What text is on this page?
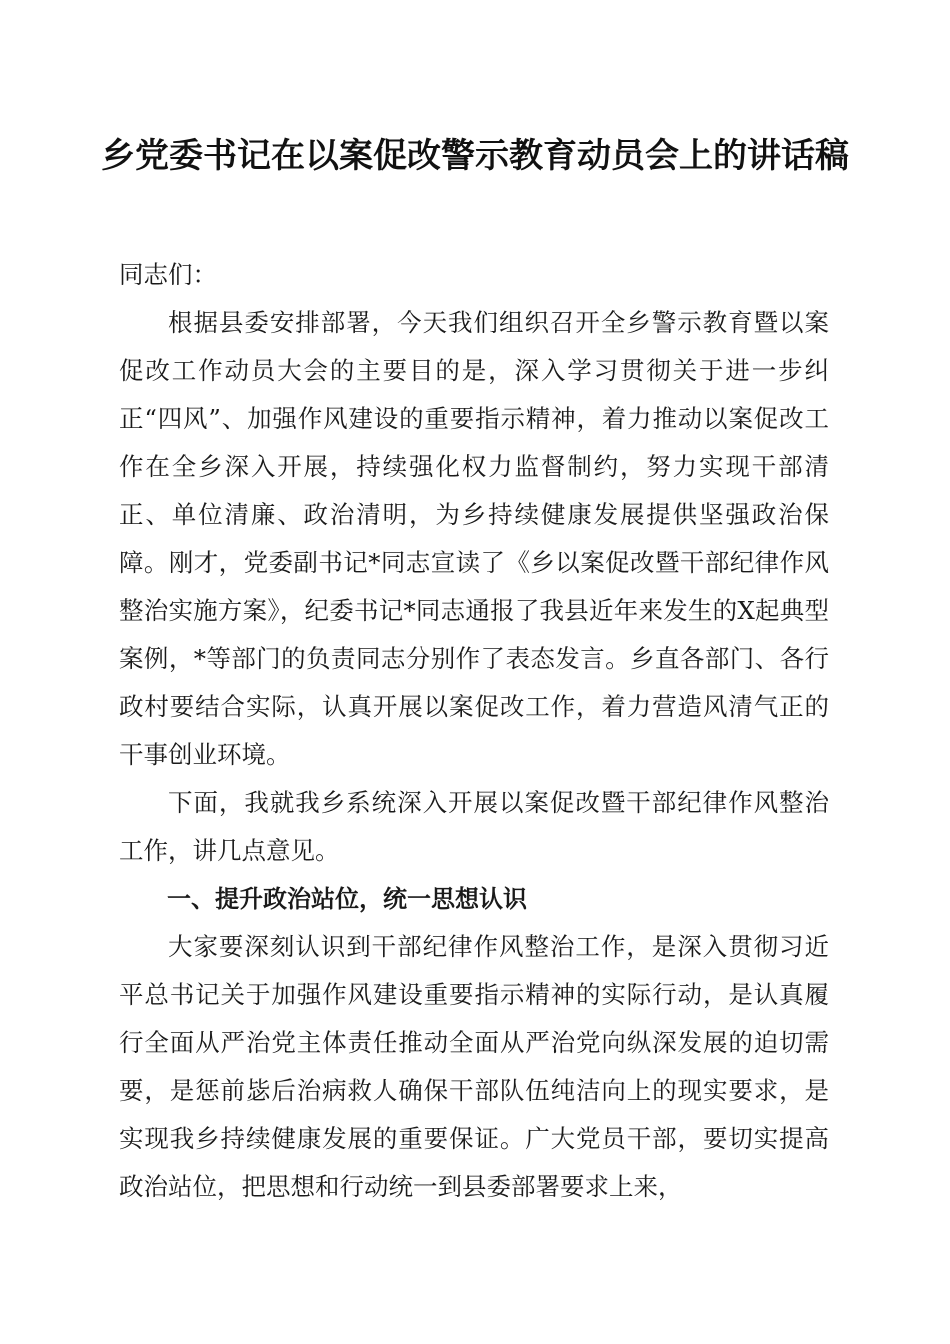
乡党委书记在以案促改警示教育动员会上的讲话稿

同志们：

根据县委安排部署，今天我们组织召开全乡警示教育暨以案促改工作动员大会的主要目的是，深入学习贯彻关于进一步纠正“四风”、加强作风建设的重要指示精神，着力推动以案促改工作在全乡深入开展，持续强化权力监督制约，努力实现干部清正、单位清廉、政治清明，为乡持续健康发展提供坚强政治保障。刚才，党委副书记*同志宣读了《乡以案促改暨干部纪律作风整治实施方案》，纪委书记*同志通报了我县近年来发生的X起典型案例，*等部门的负责同志分别作了表态发言。乡直各部门、各行政村要结合实际，认真开展以案促改工作，着力营造风清气正的干事创业环境。

下面，我就我乡系统深入开展以案促改暨干部纪律作风整治工作，讲几点意见。

一、提升政治站位，统一思想认识

大家要深刻认识到干部纪律作风整治工作，是深入贯彻习近平总书记关于加强作风建设重要指示精神的实际行动，是认真履行全面从严治党主体责任推动全面从严治党向纵深发展的迫切需要，是惩前毖后治病救人确保干部队伍纯洁向上的现实要求，是实现我乡持续健康发展的重要保证。广大党员干部，要切实提高政治站位，把思想和行动统一到县委部署要求上来，
